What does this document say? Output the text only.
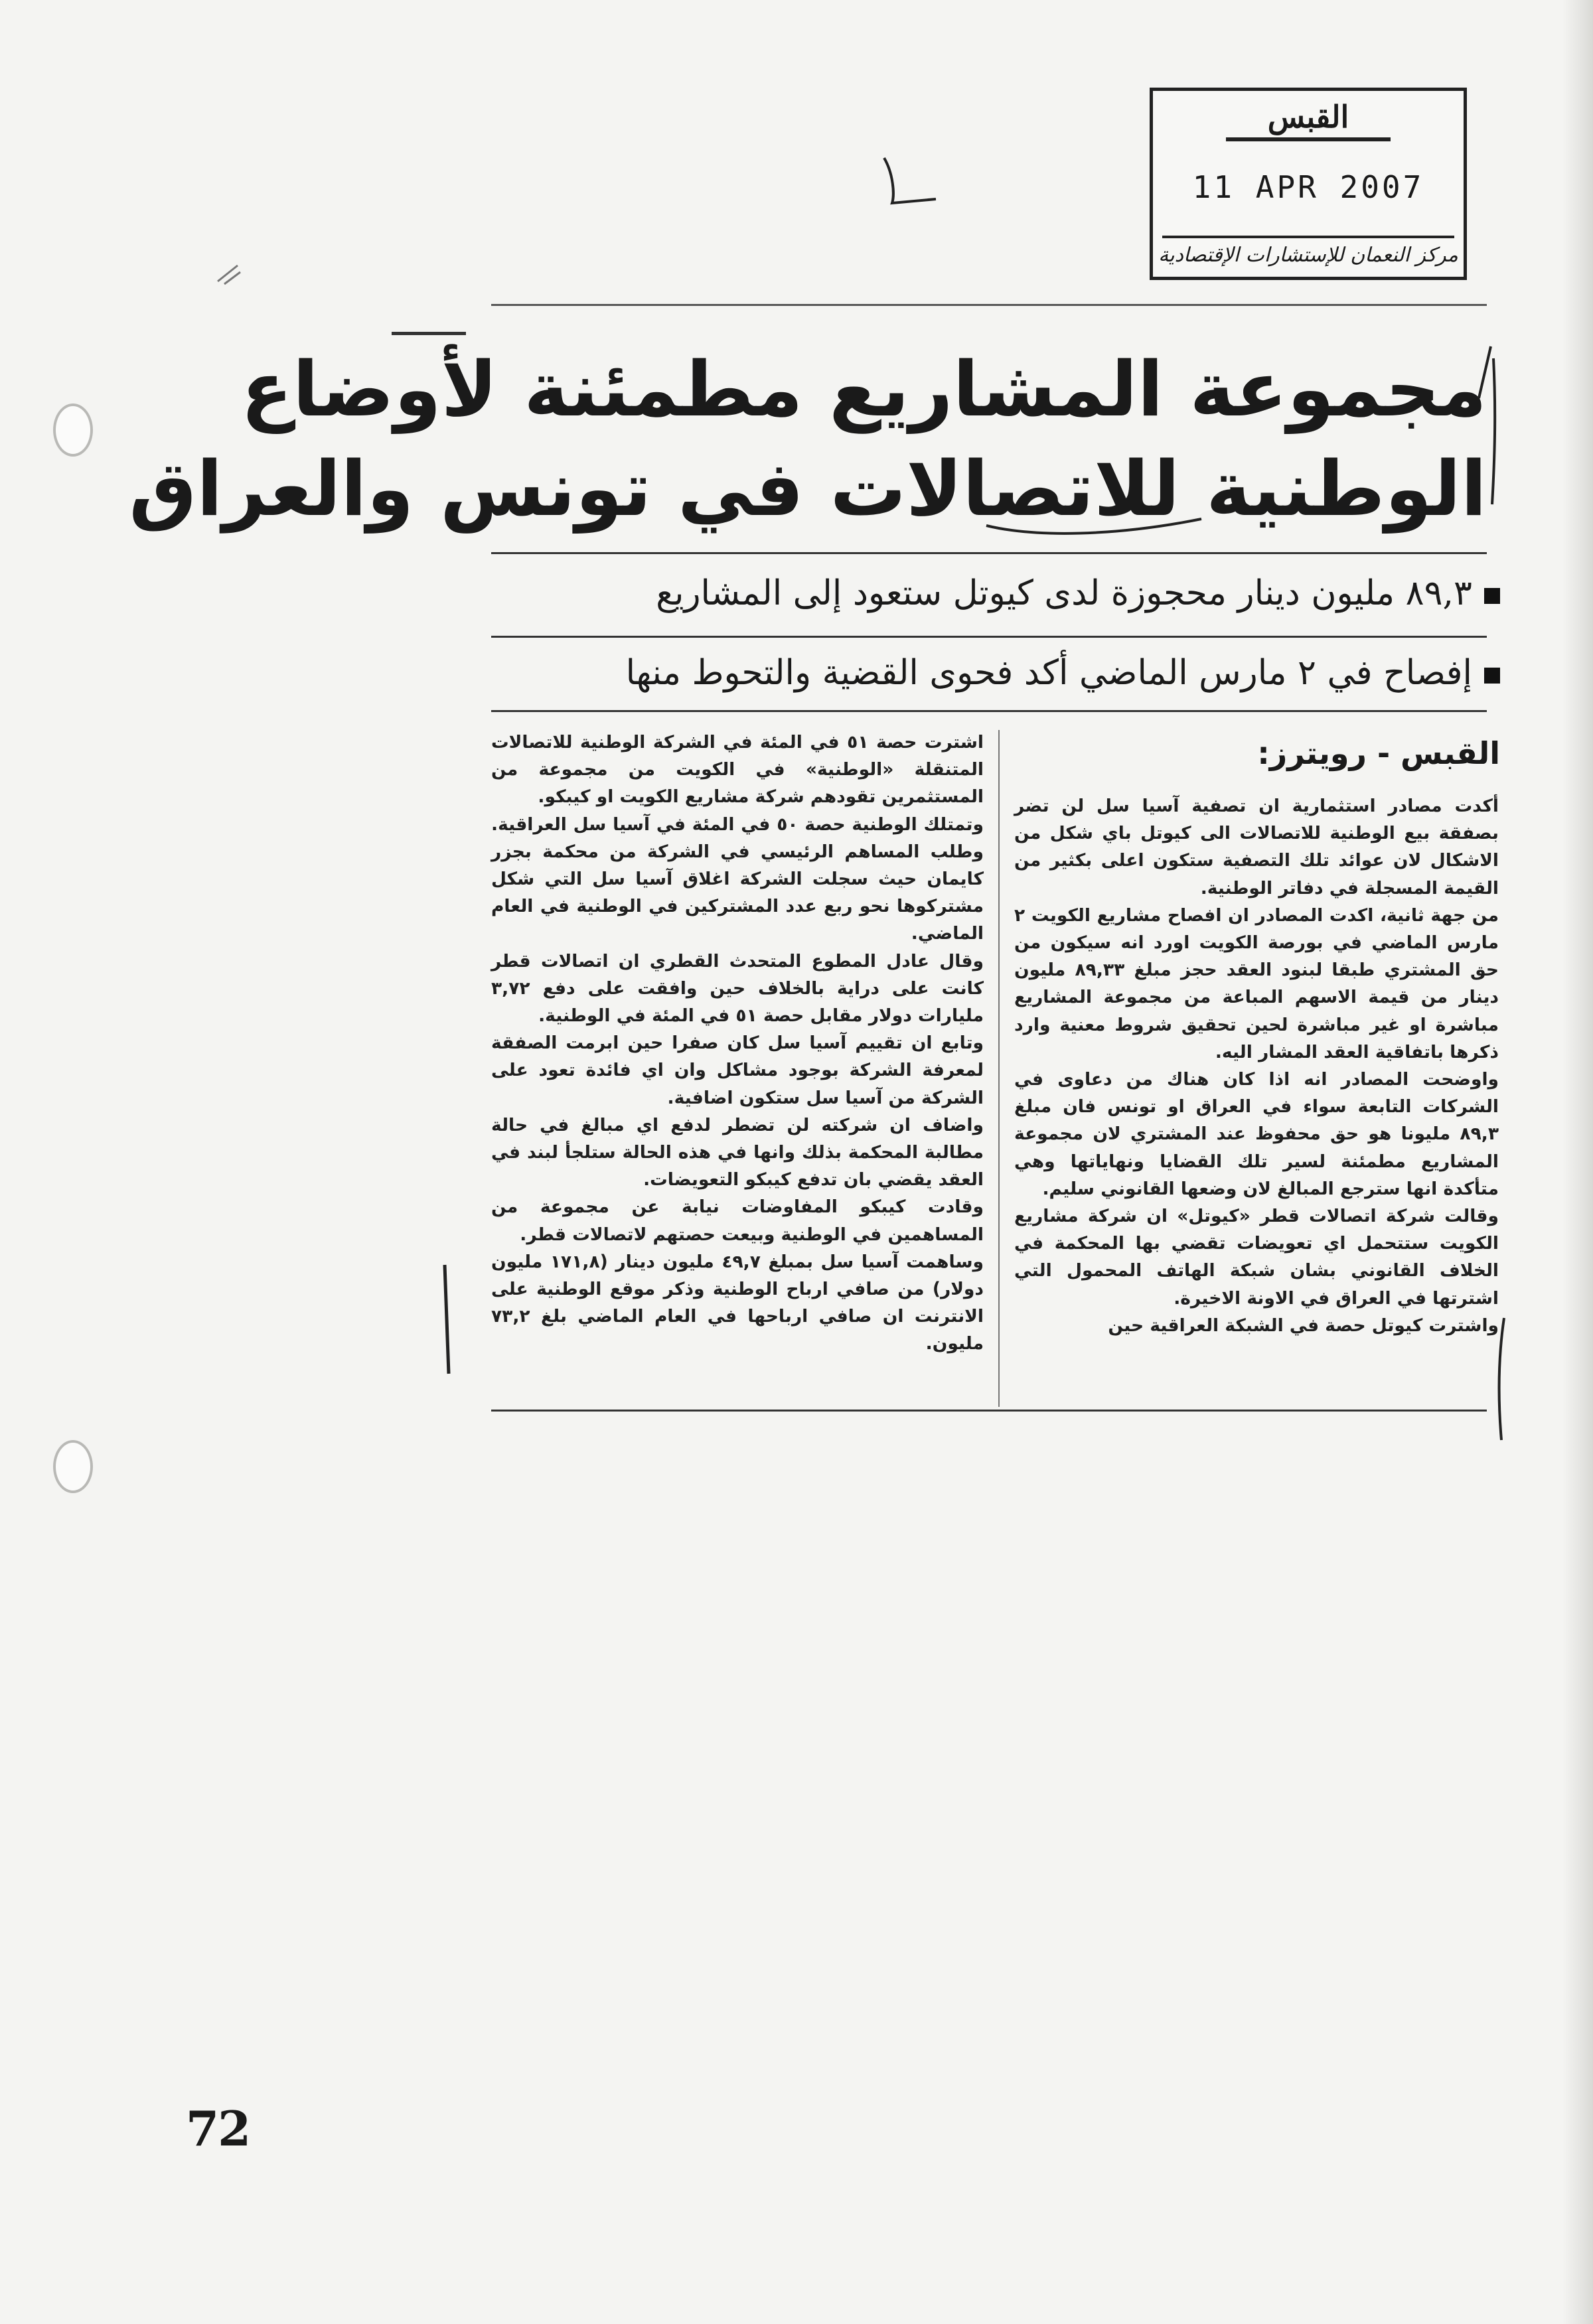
القبس
11 APR 2007
مركز النعمان للإستشارات الإقتصادية
مجموعة المشاريع مطمئنة لأوضاع
الوطنية للاتصالات في تونس والعراق
٨٩,٣ مليون دينار محجوزة لدى كيوتل ستعود إلى المشاريع
إفصاح في ٢ مارس الماضي أكد فحوى القضية والتحوط منها
القبس - رويترز:

أكدت مصادر استثمارية ان تصفية آسيا سل لن تضر بصفقة بيع الوطنية للاتصالات الى كيوتل باي شكل من الاشكال لان عوائد تلك التصفية ستكون اعلى بكثير من القيمة المسجلة في دفاتر الوطنية.

من جهة ثانية، اكدت المصادر ان افصاح مشاريع الكويت ٢ مارس الماضي في بورصة الكويت اورد انه سيكون من حق المشتري طبقا لبنود العقد حجز مبلغ ٨٩,٣٣ مليون دينار من قيمة الاسهم المباعة من مجموعة المشاريع مباشرة او غير مباشرة لحين تحقيق شروط معنية وارد ذكرها باتفاقية العقد المشار اليه.

واوضحت المصادر انه اذا كان هناك من دعاوى في الشركات التابعة سواء في العراق او تونس فان مبلغ ٨٩,٣ مليونا هو حق محفوظ عند المشتري لان مجموعة المشاريع مطمئنة لسير تلك القضايا ونهاياتها وهي متأكدة انها سترجع المبالغ لان وضعها القانوني سليم.

وقالت شركة اتصالات قطر «كيوتل» ان شركة مشاريع الكويت ستتحمل اي تعويضات تقضي بها المحكمة في الخلاف القانوني بشان شبكة الهاتف المحمول التي اشترتها في العراق في الاونة الاخيرة.

واشترت كيوتل حصة في الشبكة العراقية حين

اشترت حصة ٥١ في المئة في الشركة الوطنية للاتصالات المتنقلة «الوطنية» في الكويت من مجموعة من المستثمرين تقودهم شركة مشاريع الكويت او كيبكو.

وتمتلك الوطنية حصة ٥٠ في المئة في آسيا سل العراقية. وطلب المساهم الرئيسي في الشركة من محكمة بجزر كايمان حيث سجلت الشركة اغلاق آسيا سل التي شكل مشتركوها نحو ربع عدد المشتركين في الوطنية في العام الماضي.

وقال عادل المطوع المتحدث القطري ان اتصالات قطر كانت على دراية بالخلاف حين وافقت على دفع ٣,٧٢ مليارات دولار مقابل حصة ٥١ في المئة في الوطنية.

وتابع ان تقييم آسيا سل كان صفرا حين ابرمت الصفقة لمعرفة الشركة بوجود مشاكل وان اي فائدة تعود على الشركة من آسيا سل ستكون اضافية.

واضاف ان شركته لن تضطر لدفع اي مبالغ في حالة مطالبة المحكمة بذلك وانها في هذه الحالة ستلجأ لبند في العقد يقضي بان تدفع كيبكو التعويضات.

وقادت كيبكو المفاوضات نيابة عن مجموعة من المساهمين في الوطنية وبيعت حصتهم لاتصالات قطر.

وساهمت آسيا سل بمبلغ ٤٩,٧ مليون دينار (١٧١,٨ مليون دولار) من صافي ارباح الوطنية وذكر موقع الوطنية على الانترنت ان صافي ارباحها في العام الماضي بلغ ٧٣,٢ مليون.

72
